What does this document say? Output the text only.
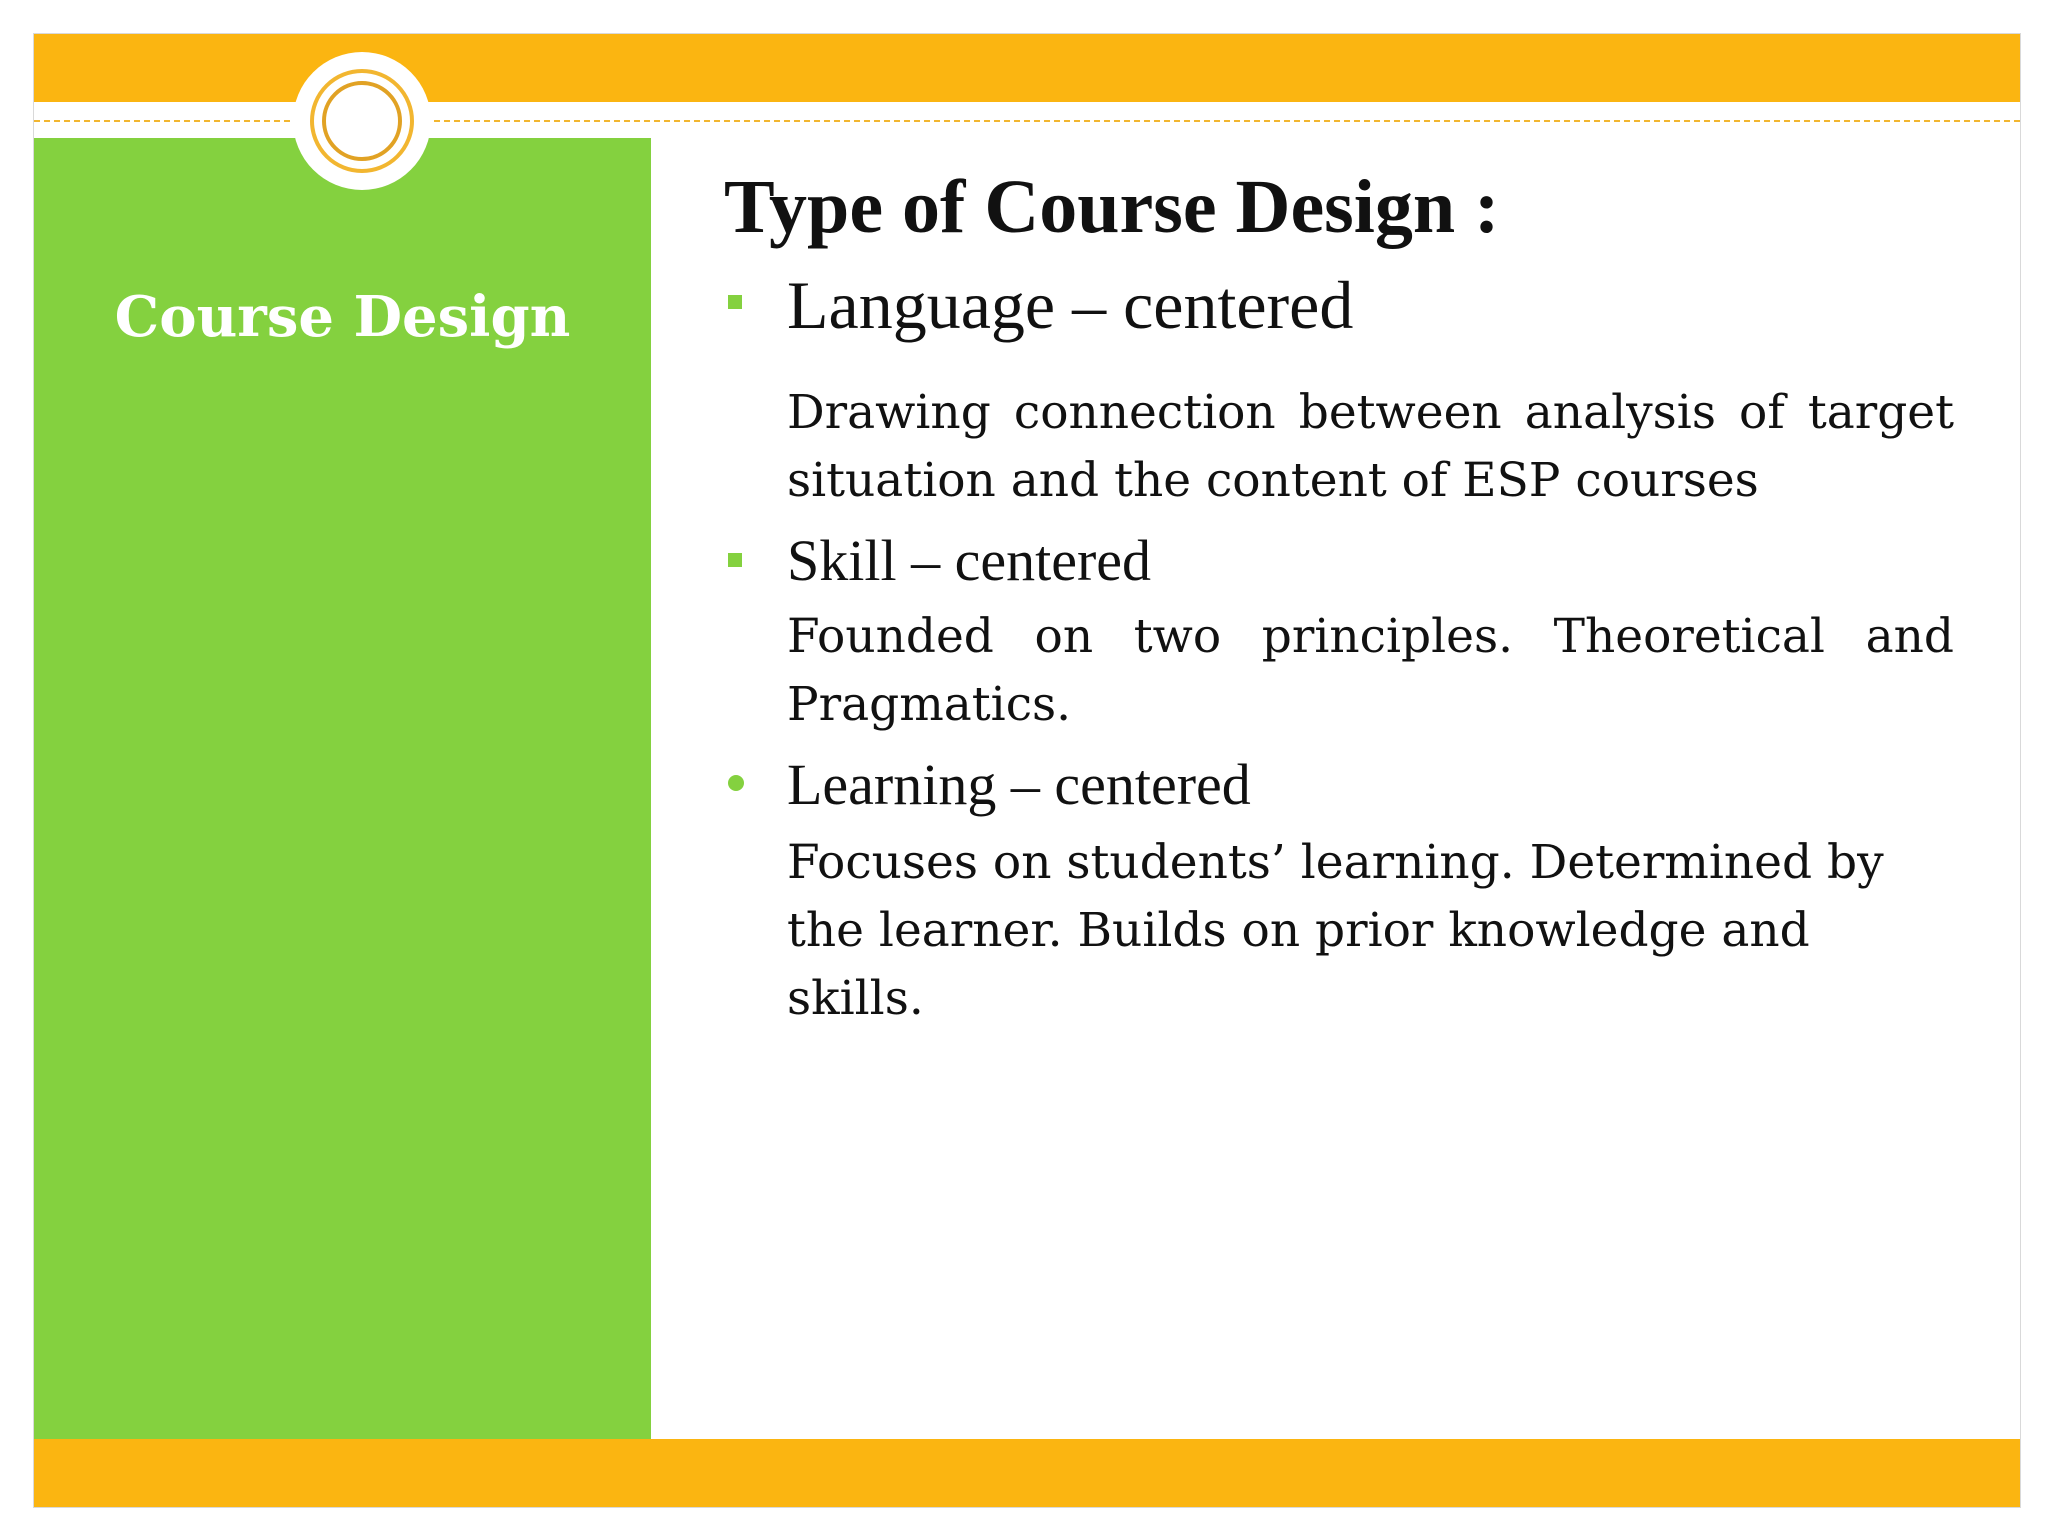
Course Design
Type of Course Design :
Language – centered

Drawing connection between analysis of target situation and the content of ESP courses

Skill – centered

Founded on two principles. Theoretical and Pragmatics.

Learning – centered

Focuses on students’ learning. Determined by the learner. Builds on prior knowledge and skills.
